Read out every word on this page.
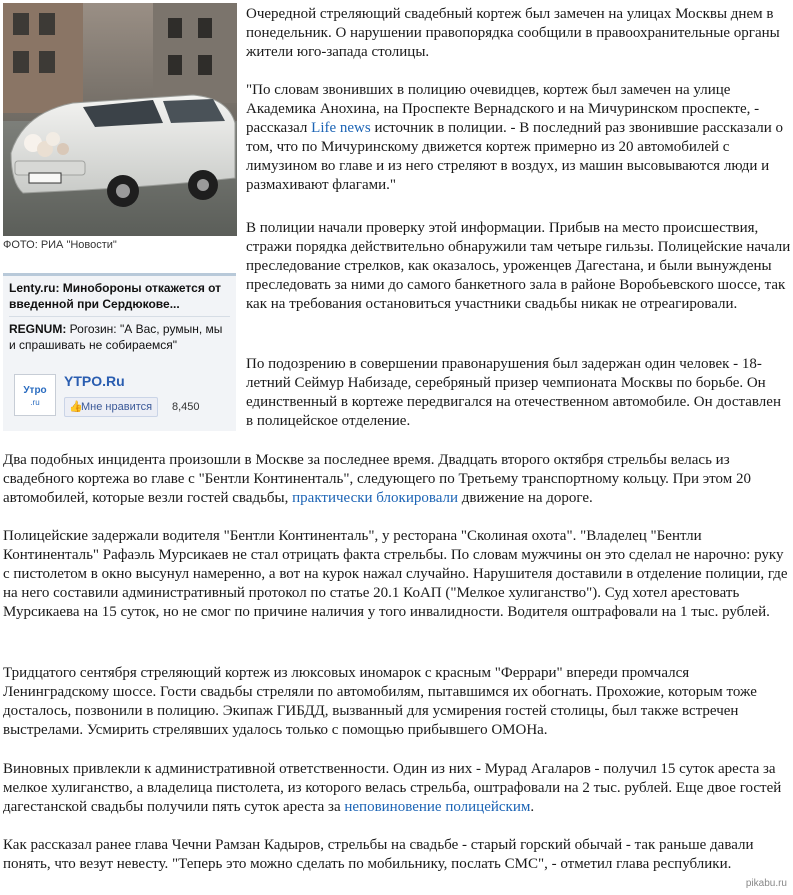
ФОТО: РИА "Новости"
Lenty.ru: Минобороны откажется от введенной при Сердюкове...
REGNUM: Рогозин: "А Вас, румын, мы и спрашивать не собираемся"
Утро
.ru
YTPO.Ru
👍Мне нравится	8,450

Очередной стреляющий свадебный кортеж был замечен на улицах Москвы днем в понедельник. О нарушении правопорядка сообщили в правоохранительные органы жители юго-запада столицы.

"По словам звонивших в полицию очевидцев, кортеж был замечен на улице Академика Анохина, на Проспекте Вернадского и на Мичуринском проспекте, - рассказал Life news источник в полиции. - В последний раз звонившие рассказали о том, что по Мичуринскому движется кортеж примерно из 20 автомобилей с лимузином во главе и из него стреляют в воздух, из машин высовываются люди и размахивают флагами."

В полиции начали проверку этой информации. Прибыв на место происшествия, стражи порядка действительно обнаружили там четыре гильзы. Полицейские начали преследование стрелков, как оказалось, уроженцев Дагестана, и были вынуждены преследовать за ними до самого банкетного зала в районе Воробьевского шоссе, так как на требования остановиться участники свадьбы никак не отреагировали.

По подозрению в совершении правонарушения был задержан один человек - 18-летний Сеймур Набизаде, серебряный призер чемпионата Москвы по борьбе. Он единственный в кортеже передвигался на отечественном автомобиле. Он доставлен в полицейское отделение.

Два подобных инцидента произошли в Москве за последнее время. Двадцать второго октября стрельбы велась из свадебного кортежа во главе с "Бентли Континенталь", следующего по Третьему транспортному кольцу. При этом 20 автомобилей, которые везли гостей свадьбы, практически блокировали движение на дороге.

Полицейские задержали водителя "Бентли Континенталь", у ресторана "Сколиная охота". "Владелец "Бентли Континенталь" Рафаэль Мурсикаев не стал отрицать факта стрельбы. По словам мужчины он это сделал не нарочно: руку с пистолетом в окно высунул намеренно, а вот на курок нажал случайно. Нарушителя доставили в отделение полиции, где на него составили административный протокол по статье 20.1 КоАП ("Мелкое хулиганство"). Суд хотел арестовать Мурсикаева на 15 суток, но не смог по причине наличия у того инвалидности. Водителя оштрафовали на 1 тыс. рублей.

Тридцатого сентября стреляющий кортеж из люксовых иномарок с красным "Феррари" впереди промчался Ленинградскому шоссе. Гости свадьбы стреляли по автомобилям, пытавшимся их обогнать. Прохожие, которым тоже досталось, позвонили в полицию. Экипаж ГИБДД, вызванный для усмирения гостей столицы, был также встречен выстрелами. Усмирить стрелявших удалось только с помощью прибывшего ОМОНа.

Виновных привлекли к административной ответственности. Один из них - Мурад Агаларов - получил 15 суток ареста за мелкое хулиганство, а владелица пистолета, из которого велась стрельба, оштрафовали на 2 тыс. рублей. Еще двое гостей дагестанской свадьбы получили пять суток ареста за неповиновение полицейским.

Как рассказал ранее глава Чечни Рамзан Кадыров, стрельбы на свадьбе - старый горский обычай - так раньше давали понять, что везут невесту. "Теперь это можно сделать по мобильнику, послать СМС", - отметил глава республики.

pikabu.ru
